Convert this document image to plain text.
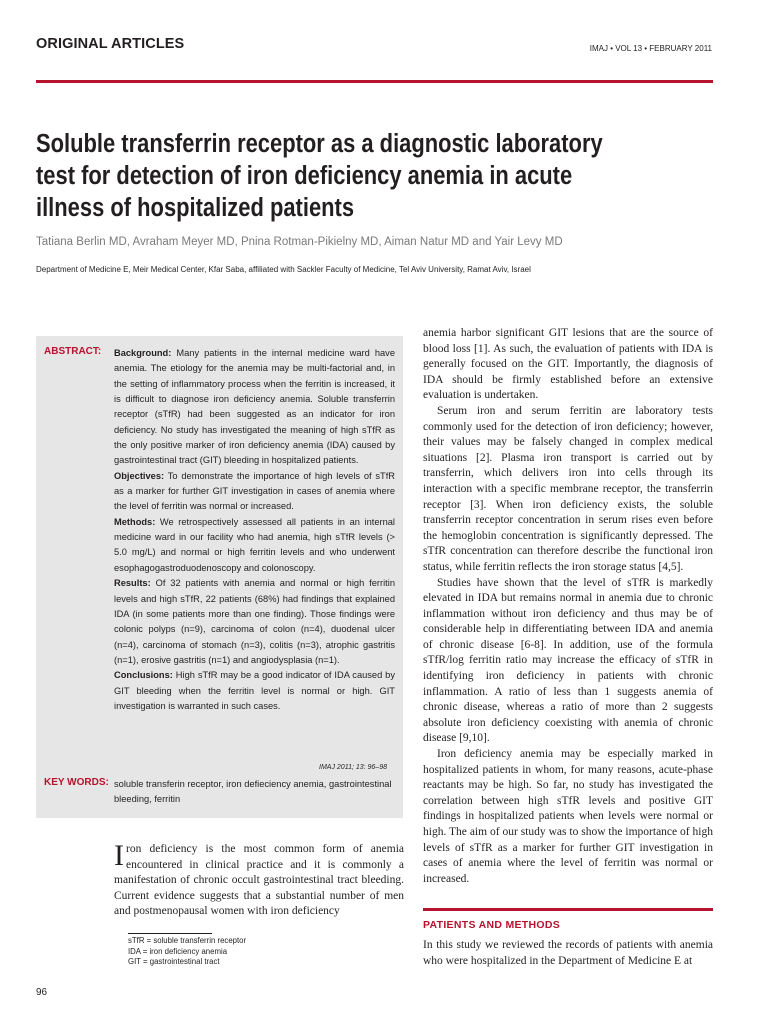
ORIGINAL ARTICLES	IMAJ • VOL 13 • FEBRUARY 2011
Soluble transferrin receptor as a diagnostic laboratory
test for detection of iron deficiency anemia in acute
illness of hospitalized patients
Tatiana Berlin MD, Avraham Meyer MD, Pnina Rotman-Pikielny MD, Aiman Natur MD and Yair Levy MD
Department of Medicine E, Meir Medical Center, Kfar Saba, affiliated with Sackler Faculty of Medicine, Tel Aviv University, Ramat Aviv, Israel
ABSTRACT: Background: Many patients in the internal medicine ward have anemia. The etiology for the anemia may be multi-factorial and, in the setting of inflammatory process when the ferritin is increased, it is difficult to diagnose iron deficiency anemia. Soluble transferrin receptor (sTfR) had been suggested as an indicator for iron deficiency. No study has investigated the meaning of high sTfR as the only positive marker of iron deficiency anemia (IDA) caused by gastrointestinal tract (GIT) bleeding in hospitalized patients.

Objectives: To demonstrate the importance of high levels of sTfR as a marker for further GIT investigation in cases of anemia where the level of ferritin was normal or increased.

Methods: We retrospectively assessed all patients in an internal medicine ward in our facility who had anemia, high sTfR levels (> 5.0 mg/L) and normal or high ferritin levels and who underwent esophagogastroduodenoscopy and colonoscopy.

Results: Of 32 patients with anemia and normal or high ferritin levels and high sTfR, 22 patients (68%) had findings that explained IDA (in some patients more than one finding). Those findings were colonic polyps (n=9), carcinoma of colon (n=4), duodenal ulcer (n=4), carcinoma of stomach (n=3), colitis (n=3), atrophic gastritis (n=1), erosive gastritis (n=1) and angiodysplasia (n=1).

Conclusions: High sTfR may be a good indicator of IDA caused by GIT bleeding when the ferritin level is normal or high. GIT investigation is warranted in such cases.

IMAJ 2011; 13: 96–98
KEY WORDS: soluble transferin receptor, iron defieciency anemia, gastrointestinal bleeding, ferritin

Iron deficiency is the most common form of anemia encountered in clinical practice and it is commonly a manifestation of chronic occult gastrointestinal tract bleeding. Current evidence suggests that a substantial number of men and postmenopausal women with iron deficiency

sTfR = soluble transferrin receptor
IDA = iron deficiency anemia
GIT = gastrointestinal tract
96

anemia harbor significant GIT lesions that are the source of blood loss [1]. As such, the evaluation of patients with IDA is generally focused on the GIT. Importantly, the diagnosis of IDA should be firmly established before an extensive evaluation is undertaken.

Serum iron and serum ferritin are laboratory tests commonly used for the detection of iron deficiency; however, their values may be falsely changed in complex medical situations [2]. Plasma iron transport is carried out by transferrin, which delivers iron into cells through its interaction with a specific membrane receptor, the transferrin receptor [3]. When iron deficiency exists, the soluble transferrin receptor concentration in serum rises even before the hemoglobin concentration is significantly depressed. The sTfR concentration can therefore describe the functional iron status, while ferritin reflects the iron storage status [4,5].

Studies have shown that the level of sTfR is markedly elevated in IDA but remains normal in anemia due to chronic inflammation without iron deficiency and thus may be of considerable help in differentiating between IDA and anemia of chronic disease [6-8]. In addition, use of the formula sTfR/log ferritin ratio may increase the efficacy of sTfR in identifying iron deficiency in patients with chronic inflammation. A ratio of less than 1 suggests anemia of chronic disease, whereas a ratio of more than 2 suggests absolute iron deficiency coexisting with anemia of chronic disease [9,10].

Iron deficiency anemia may be especially marked in hospitalized patients in whom, for many reasons, acute-phase reactants may be high. So far, no study has investigated the correlation between high sTfR levels and positive GIT findings in hospitalized patients when levels were normal or high. The aim of our study was to show the importance of high levels of sTfR as a marker for further GIT investigation in cases of anemia where the level of ferritin was normal or increased.

PATIENTS AND METHODS

In this study we reviewed the records of patients with anemia who were hospitalized in the Department of Medicine E at
